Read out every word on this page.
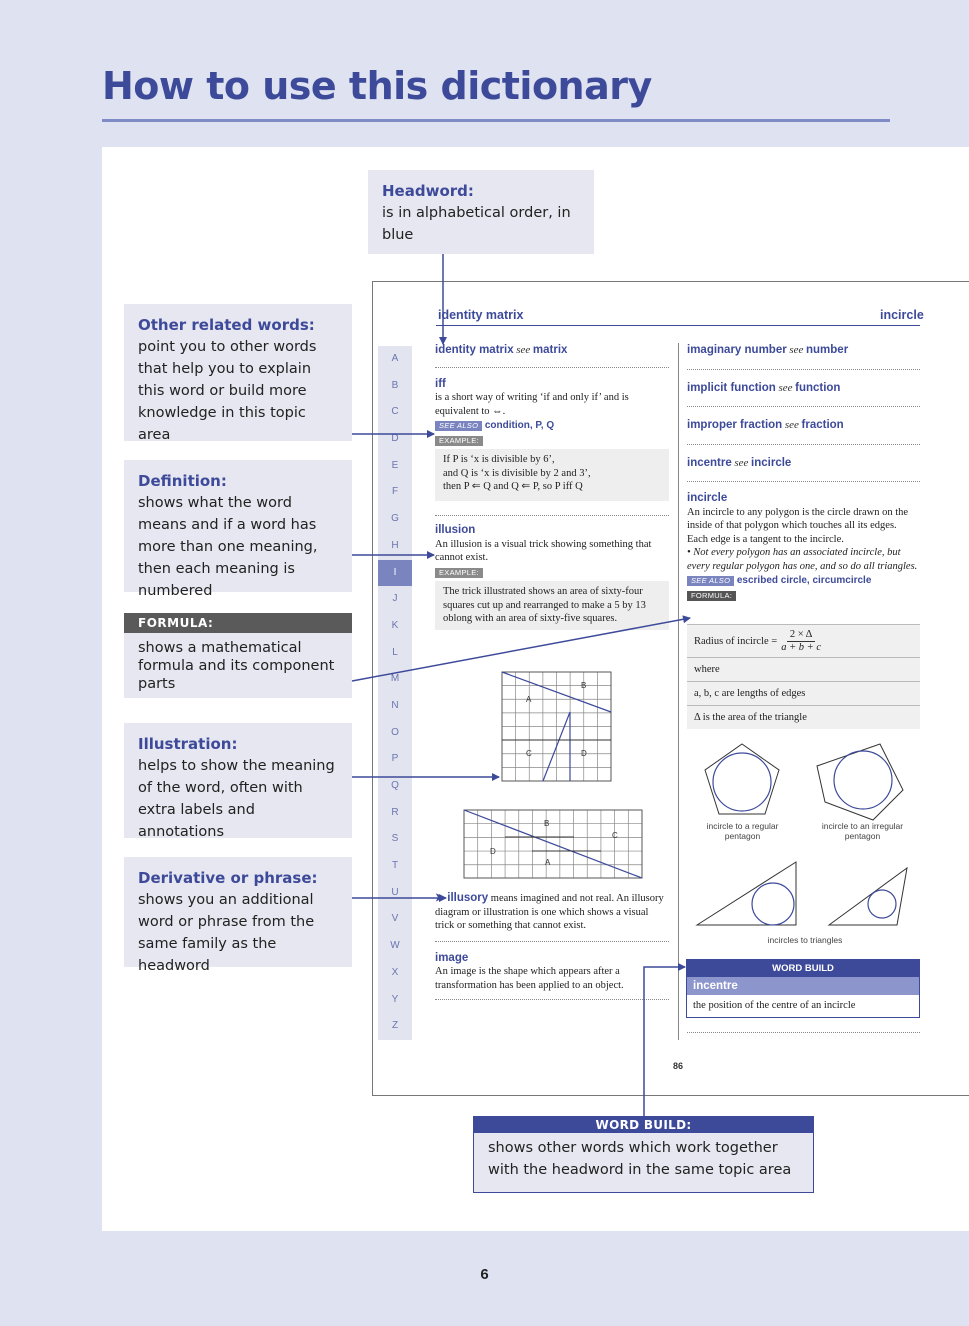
How to use this dictionary
Headword:
is in alphabetical order, in blue
Other related words:
point you to other words that help you to explain this word or build more knowledge in this topic area
Definition:
shows what the word means and if a word has more than one meaning, then each meaning is numbered
FORMULA:
shows a mathematical formula and its component parts
Illustration:
helps to show the meaning of the word, often with extra labels and annotations
Derivative or phrase:
shows you an additional word or phrase from the same family as the headword
identity matrix	incircle
A
B
C
D
E
F
G
H
I
J
K
L
M
N
O
P
Q
R
S
T
U
V
W
X
Y
Z
identity matrix see matrix
iff
is a short way of writing ‘if and only if’ and is equivalent to ⇔.
SEE ALSO condition, P, Q
EXAMPLE:
If P is ‘x is divisible by 6’,
and Q is ‘x is divisible by 2 and 3’,
then P ⇐ Q and Q ⇐ P, so P iff Q
illusion
An illusion is a visual trick showing something that cannot exist.
EXAMPLE:
The trick illustrated shows an area of sixty-four squares cut up and rearranged to make a 5 by 13 oblong with an area of sixty-five squares.
A
B
C	D
B
C
D
A
➤ illusory means imagined and not real. An illusory diagram or illustration is one which shows a visual trick or something that cannot exist.
image
An image is the shape which appears after a transformation has been applied to an object.
imaginary number see number
implicit function see function
improper fraction see fraction
incentre see incircle
incircle
An incircle to any polygon is the circle drawn on the inside of that polygon which touches all its edges. Each edge is a tangent to the incircle.
• Not every polygon has an associated incircle, but every regular polygon has one, and so do all triangles.
SEE ALSO escribed circle, circumcircle
FORMULA:
Radius of incircle = $\frac{2 \times \Delta}{a + b + c}$
where
a, b, c are lengths of edges
Δ is the area of the triangle
incircle to a regular pentagon
incircle to an irregular pentagon
incircles to triangles
WORD BUILD
incentre
the position of the centre of an incircle
86
WORD BUILD:
shows other words which work together with the headword in the same topic area
6
